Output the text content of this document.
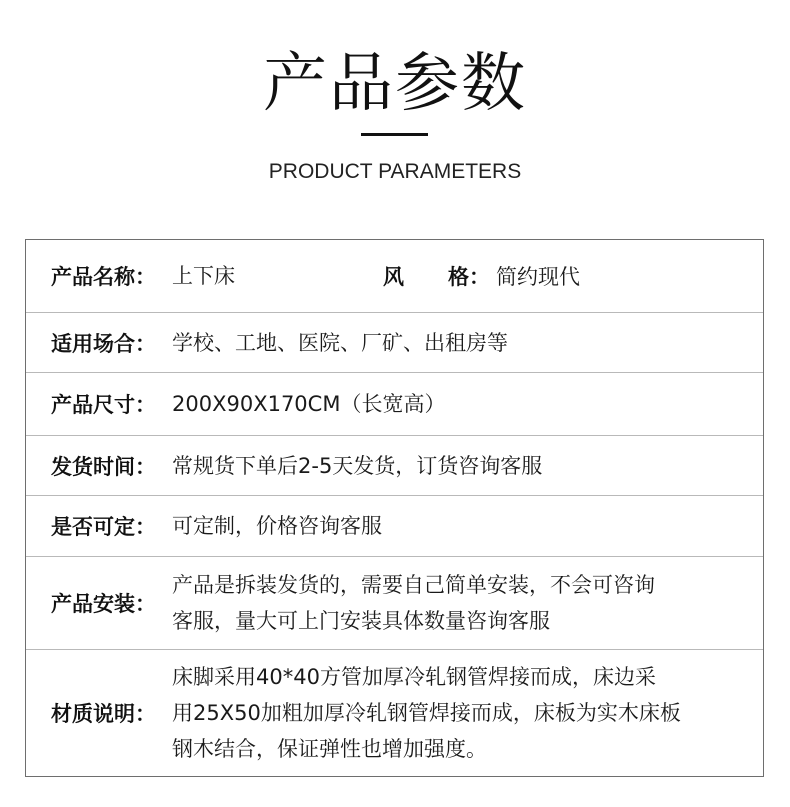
产品参数
PRODUCT PARAMETERS
产品名称： 上下床	风 格： 简约现代
适用场合： 学校、工地、医院、厂矿、出租房等
产品尺寸： 200X90X170CM（长宽高）
发货时间： 常规货下单后2-5天发货，订货咨询客服
是否可定： 可定制，价格咨询客服
产品安装：
产品是拆装发货的，需要自己简单安装，不会可咨询
客服，量大可上门安装具体数量咨询客服
材质说明：
床脚采用40*40方管加厚冷轧钢管焊接而成，床边采
用25X50加粗加厚冷轧钢管焊接而成，床板为实木床板
钢木结合，保证弹性也增加强度。
